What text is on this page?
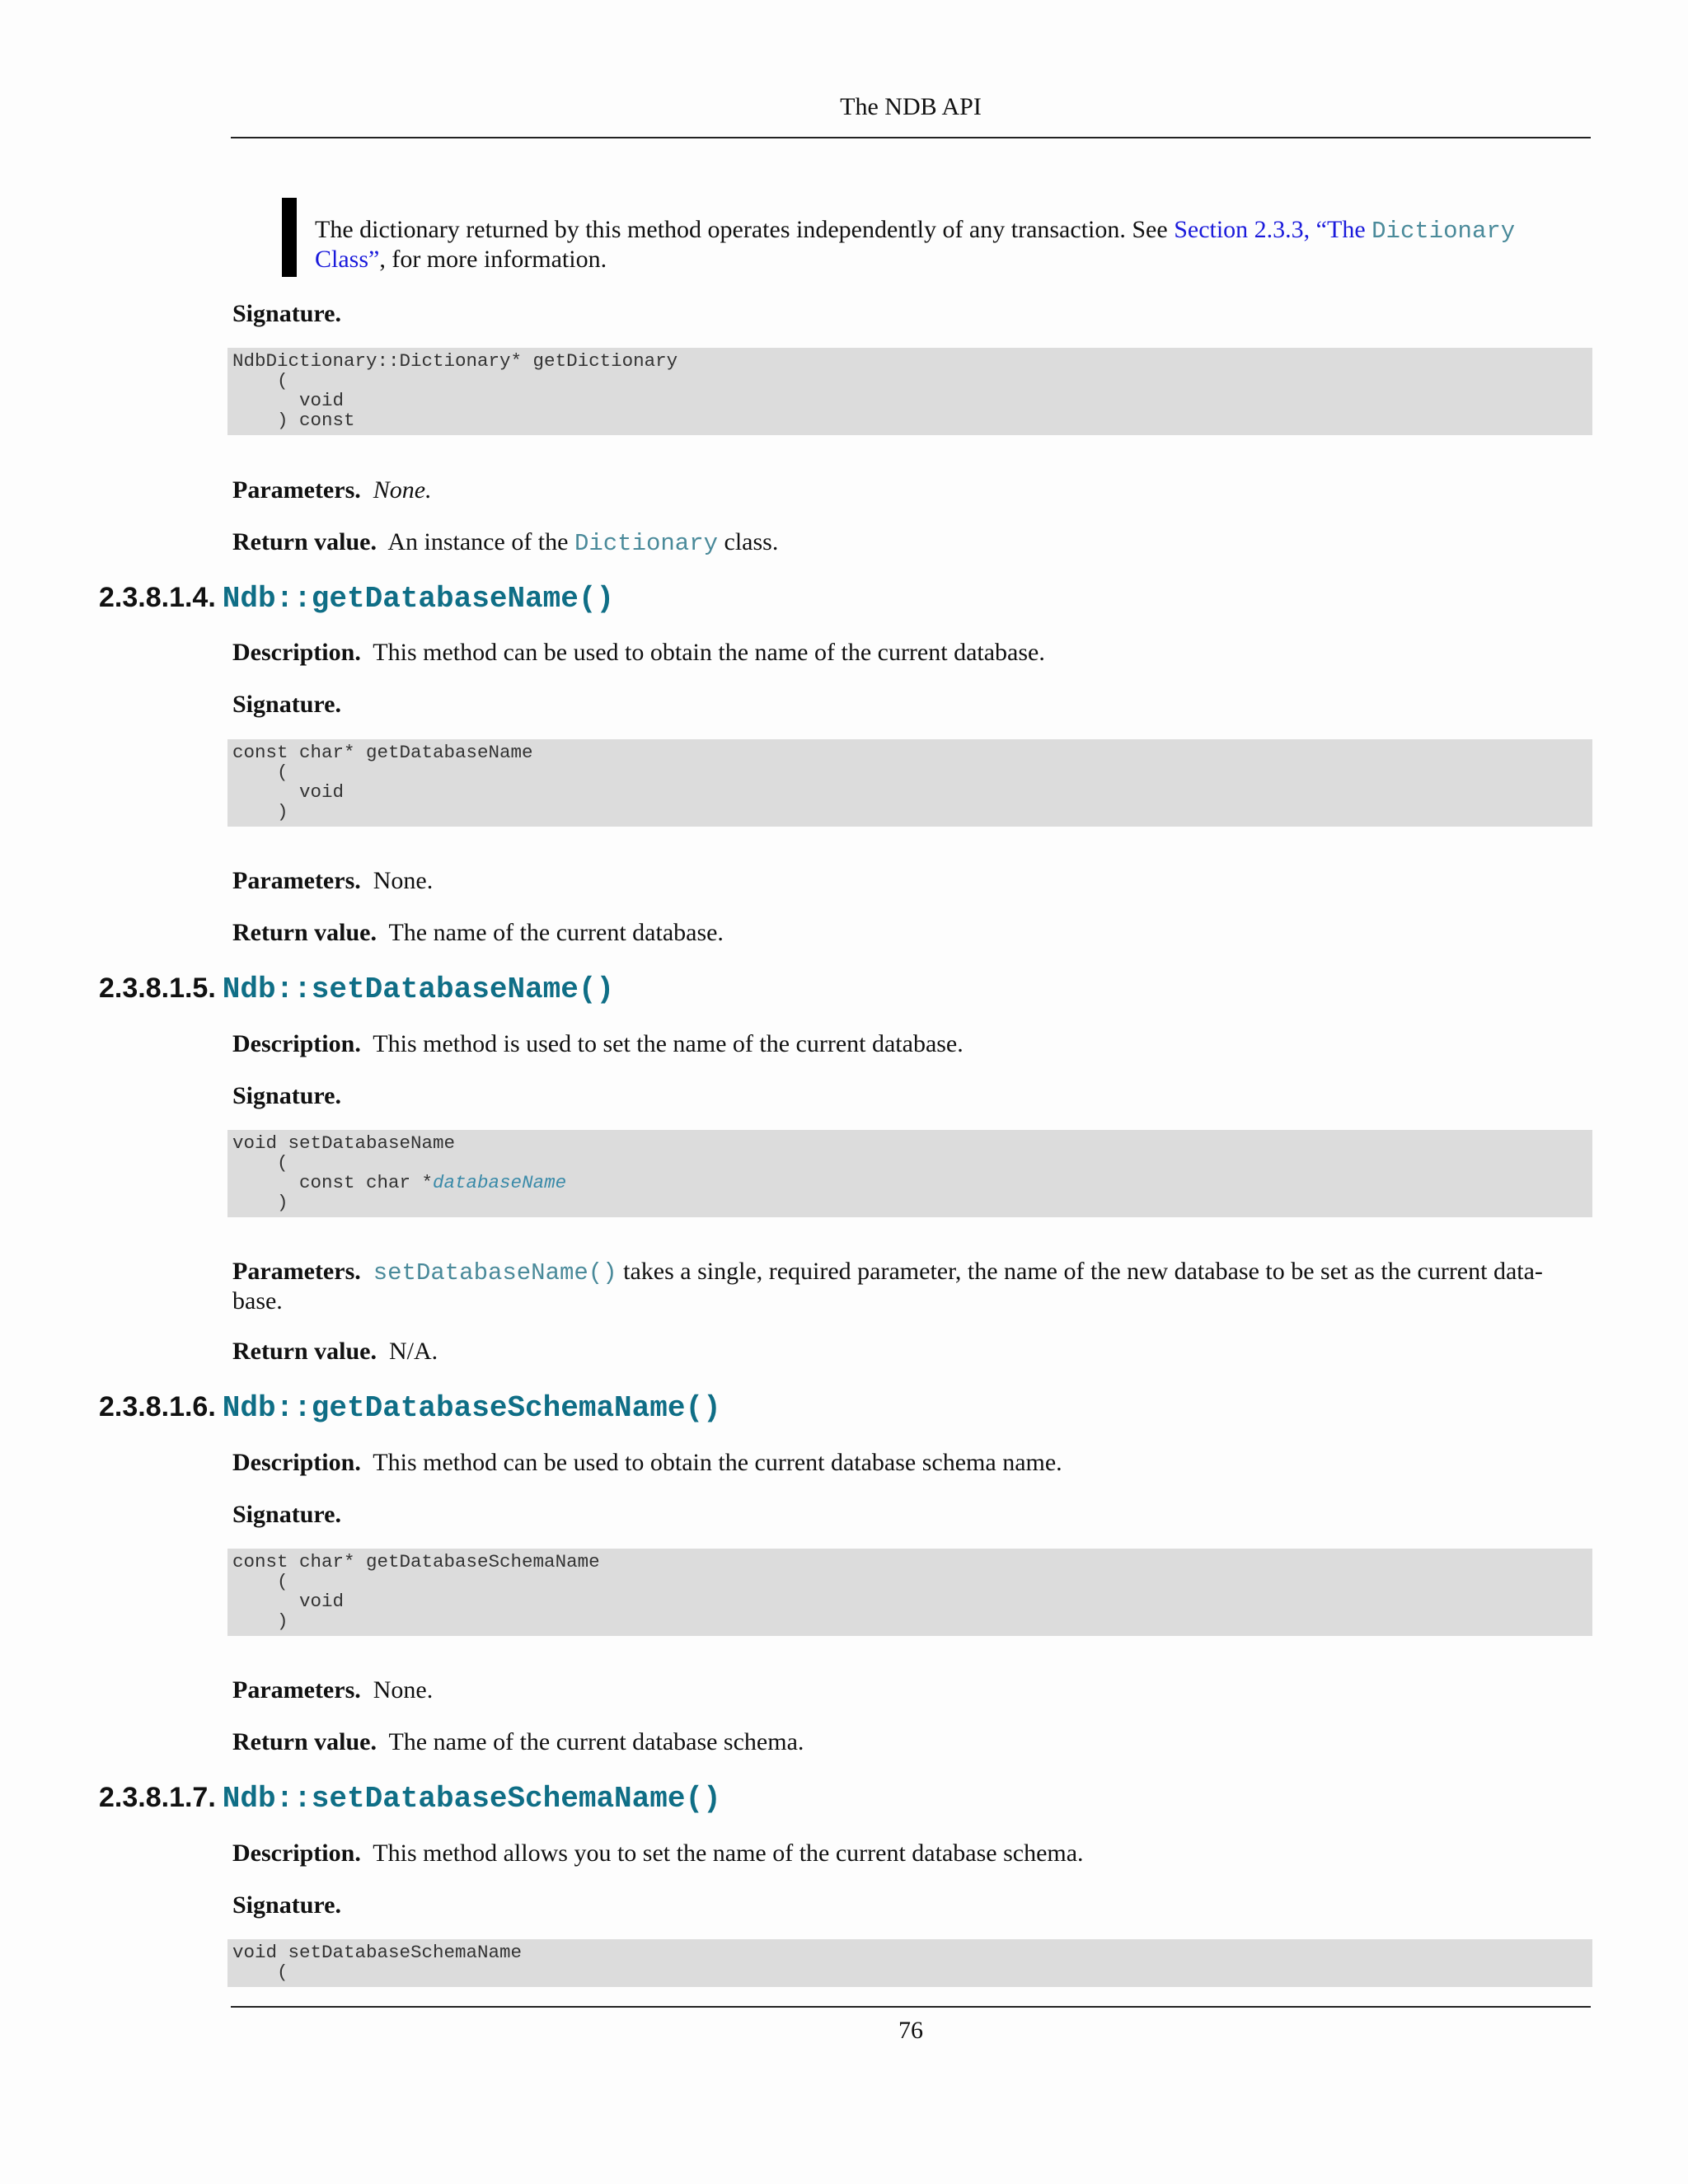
The NDB API
The dictionary returned by this method operates independently of any transaction. See Section 2.3.3, “The Dictionary Class”, for more information.
Signature.
NdbDictionary::Dictionary* getDictionary
(
void
) const
Parameters. None.
Return value. An instance of the Dictionary class.
2.3.8.1.4. Ndb::getDatabaseName()
Description. This method can be used to obtain the name of the current database.
Signature.
const char* getDatabaseName
(
void
)
Parameters. None.
Return value. The name of the current database.
2.3.8.1.5. Ndb::setDatabaseName()
Description. This method is used to set the name of the current database.
Signature.
void setDatabaseName
(
const char *databaseName
)
Parameters. setDatabaseName() takes a single, required parameter, the name of the new database to be set as the current data-base.
Return value. N/A.
2.3.8.1.6. Ndb::getDatabaseSchemaName()
Description. This method can be used to obtain the current database schema name.
Signature.
const char* getDatabaseSchemaName
(
void
)
Parameters. None.
Return value. The name of the current database schema.
2.3.8.1.7. Ndb::setDatabaseSchemaName()
Description. This method allows you to set the name of the current database schema.
Signature.
void setDatabaseSchemaName
(
76
